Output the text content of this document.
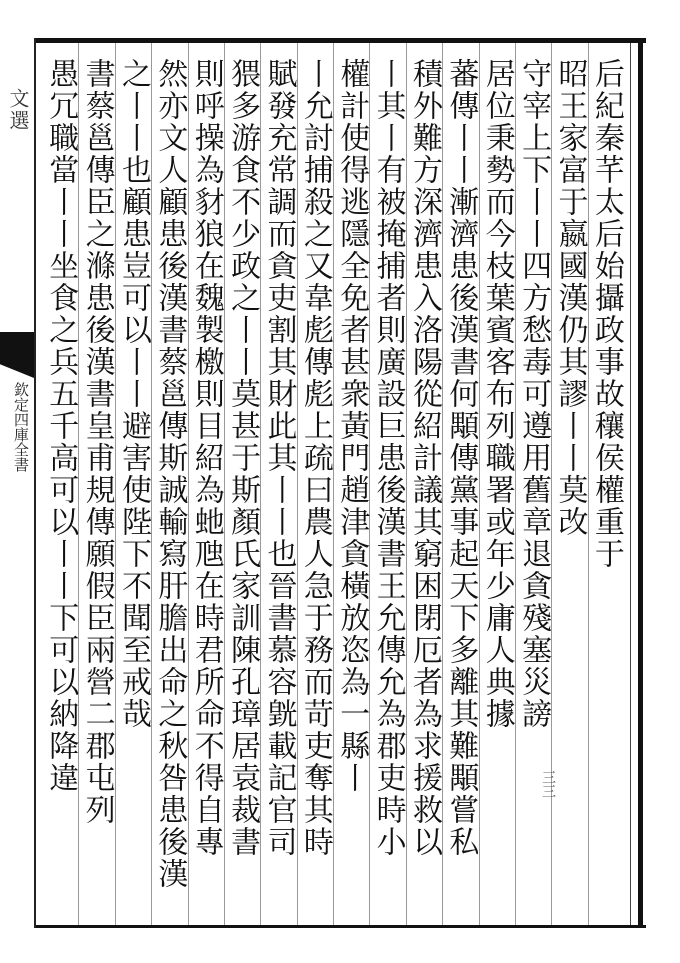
文選
欽定四庫全書	后紀秦芊太后始攝政事故穰侯權重于
昭王家富于嬴國漢仍其謬丨丨莫改
守宰上下丨丨四方愁毒可遵用舊章退貪殘塞災謗
居位秉勢而今枝葉賓客布列職署或年少庸人典據
蕃傳丨丨漸濟患後漢書何顒傳黨事起天下多離其難顒嘗私
積外難方深濟患入洛陽從紹計議其窮困閉厄者為求援救以
丨其丨有被掩捕者則廣設巨患後漢書王允傳允為郡吏時小
權計使得逃隱全免者甚衆黃門趙津貪橫放恣為一縣丨
丨允討捕殺之又韋彪傳彪上疏曰農人急于務而苛吏奪其時
賦發充常調而貪吏割其財此其丨丨也晉書慕容皝載記官司
猥多游食不少政之丨丨莫甚于斯顏氏家訓陳孔璋居袁裁書
則呼操為豺狼在魏製檄則目紹為虵虺在時君所命不得自專
然亦文人顧患後漢書蔡邕傳斯誠輸寫肝膽出命之秋咎患後漢
之丨丨也顧患豈可以丨丨避害使陛下不聞至戒哉
書蔡邕傳臣之滌患後漢書皇甫規傳願假臣兩營二郡屯列
愚冗職當丨丨坐食之兵五千高可以丨丨下可以納降違	三三
